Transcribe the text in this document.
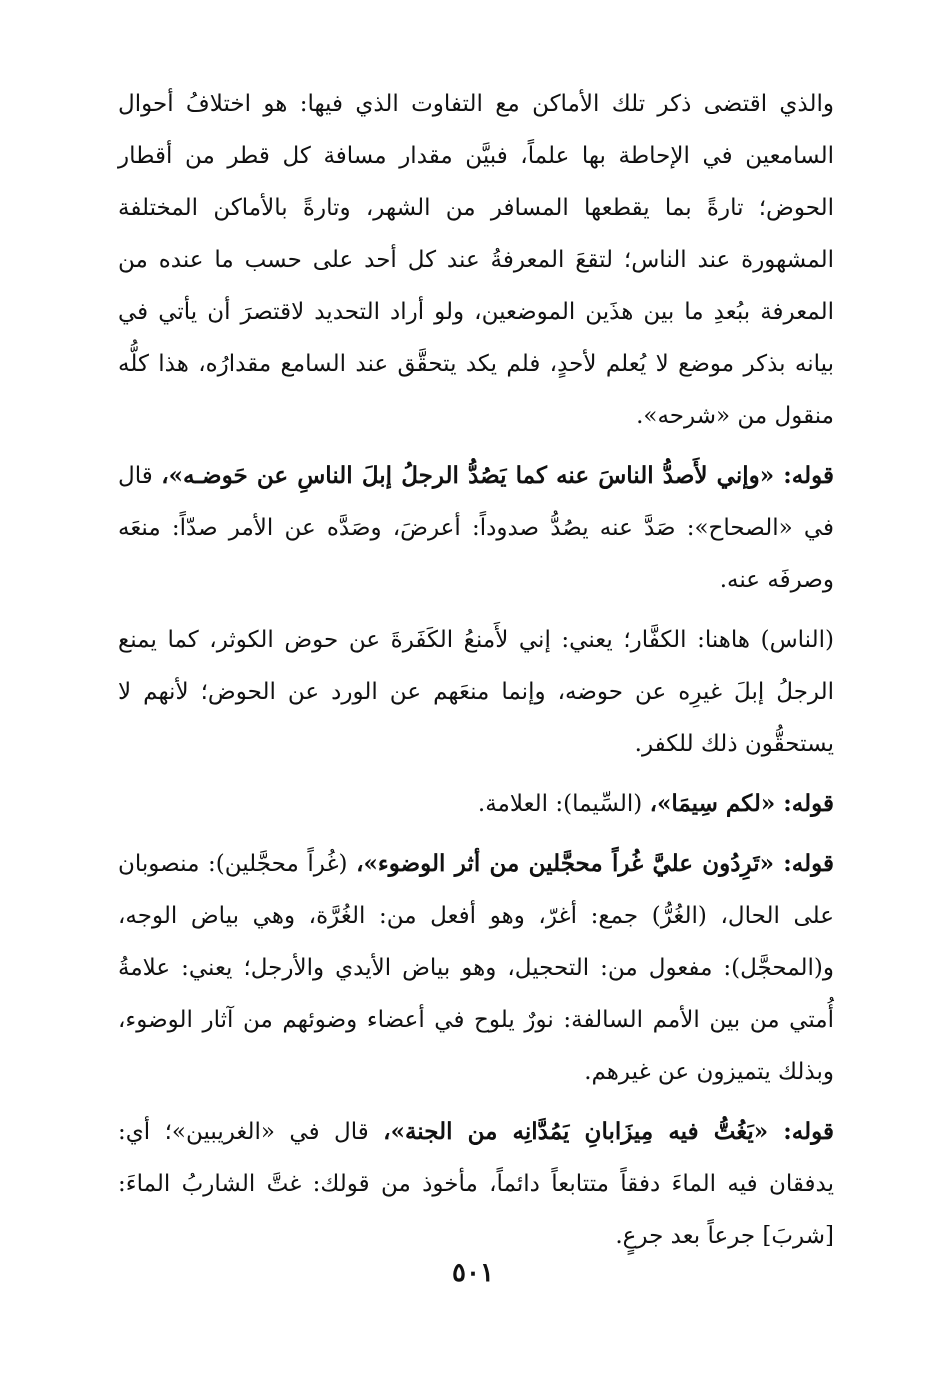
والذي اقتضى ذكر تلك الأماكن مع التفاوت الذي فيها: هو اختلافُ أحوال السامعين في الإحاطة بها علماً، فبيَّن مقدار مسافة كل قطر من أقطار الحوض؛ تارةً بما يقطعها المسافر من الشهر، وتارةً بالأماكن المختلفة المشهورة عند الناس؛ لتقعَ المعرفةُ عند كل أحد على حسب ما عنده من المعرفة ببُعدِ ما بين هذَين الموضعين، ولو أراد التحديد لاقتصرَ أن يأتي في بيانه بذكر موضع لا يُعلم لأحدٍ، فلم يكد يتحقَّق عند السامع مقدارُه، هذا كلُّه منقول من «شرحه».

قوله: «وإني لأَصدُّ الناسَ عنه كما يَصُدُّ الرجلُ إبلَ الناسِ عن حَوضـه»، قال في «الصحاح»: صَدَّ عنه يصُدُّ صدوداً: أعرضَ، وصَدَّه عن الأمر صدّاً: منعَه وصرفَه عنه.

(الناس) هاهنا: الكفَّار؛ يعني: إني لأَمنعُ الكَفَرةَ عن حوض الكوثر، كما يمنع الرجلُ إبلَ غيرِه عن حوضه، وإنما منعَهم عن الورد عن الحوض؛ لأنهم لا يستحقُّون ذلك للكفر.

قوله: «لكم سِيمَا»، (السِّيما): العلامة.

قوله: «تَرِدُون عليَّ غُراً محجَّلين من أثر الوضوء»، (غُراً محجَّلين): منصوبان على الحال، (الغُرُّ) جمع: أغرّ، وهو أفعل من: الغُرَّة، وهي بياض الوجه، و(المحجَّل): مفعول من: التحجيل، وهو بياض الأيدي والأرجل؛ يعني: علامةُ أُمتي من بين الأمم السالفة: نورٌ يلوح في أعضاء وضوئهم من آثار الوضوء، وبذلك يتميزون عن غيرهم.

قوله: «يَغُتُّ فيه مِيزَابانِ يَمُدَّانِه من الجنة»، قال في «الغريبين»؛ أي: يدفقان فيه الماءَ دفقاً متتابعاً دائماً، مأخوذ من قولك: غتَّ الشاربُ الماءَ: [شربَ] جرعاً بعد جرعٍ.

٥٠١
